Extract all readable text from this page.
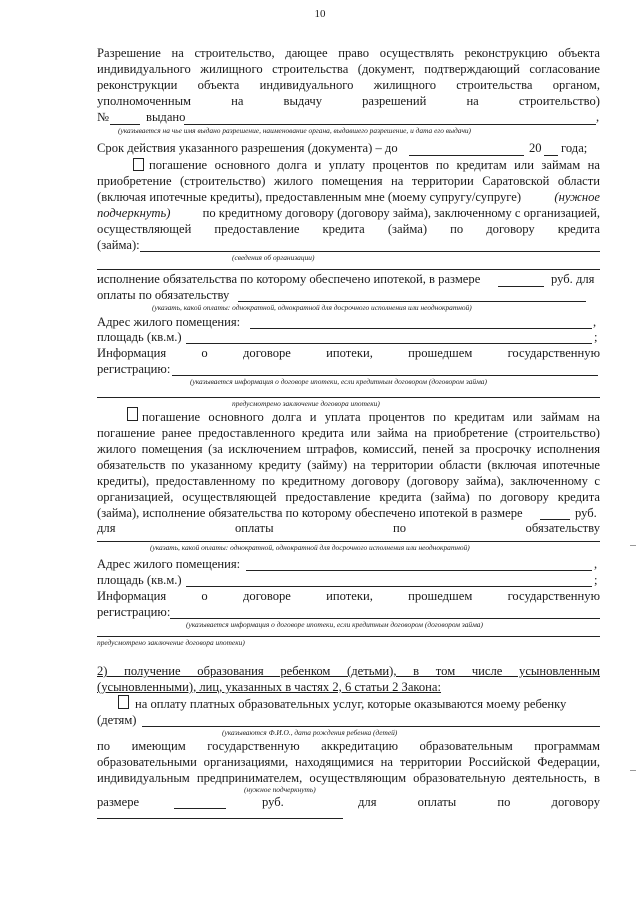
10
Разрешение на строительство, дающее право осуществлять реконструкцию объекта
индивидуального жилищного строительства (документ, подтверждающий согласование
реконструкции объекта индивидуального жилищного строительства органом,
уполномоченным на выдачу разрешений на строительство)
№	выдано	,
(указывается на чье имя выдано разрешение, наименование органа, выдавшего разрешение, и дата его выдачи)
Срок действия указанного разрешения (документа) – до	20 года;
погашение основного долга и уплату процентов по кредитам или займам на
приобретение (строительство) жилого помещения на территории Саратовской области
(включая ипотечные кредиты), предоставленным мне (моему супругу/супруге)	(нужное
подчеркнуть)	по кредитному договору (договору займа), заключенному с организацией,
осуществляющей предоставление кредита (займа) по договору кредита
(займа):
(сведения об организации)
исполнение обязательства по которому обеспечено ипотекой, в размере	руб. для
оплаты по обязательству
(указать, какой оплаты: однократной, однократной для досрочного исполнения или неоднократной)
Адрес жилого помещения:	,
площадь (кв.м.)	;
Информация о договоре ипотеки, прошедшем государственную
регистрацию:
(указывается информация о договоре ипотеки, если кредитным договором (договором займа)
предусмотрено заключение договора ипотеки)
погашение основного долга и уплата процентов по кредитам или займам на
погашение ранее предоставленного кредита или займа на приобретение (строительство)
жилого помещения (за исключением штрафов, комиссий, пеней за просрочку исполнения
обязательств по указанному кредиту (займу) на территории области (включая ипотечные
кредиты), предоставленному по кредитному договору (договору займа), заключенному с
организацией, осуществляющей предоставление кредита (займа) по договору кредита
(займа), исполнение обязательства по которому обеспечено ипотекой в размере	руб.
для оплаты по обязательству
(указать, какой оплаты: однократной, однократной для досрочного исполнения или неоднократной)
Адрес жилого помещения:	,
площадь (кв.м.)	;
Информация о договоре ипотеки, прошедшем государственную
регистрацию:
(указывается информация о договоре ипотеки, если кредитным договором (договором займа)
предусмотрено заключение договора ипотеки)
2) получение образования ребенком (детьми), в том числе усыновленным
(усыновленными), лиц, указанных в частях 2, 6 статьи 2 Закона:
на оплату платных образовательных услуг, которые оказываются моему ребенку
(детям)
(указываются Ф.И.О., дата рождения ребенка (детей)
по имеющим государственную аккредитацию образовательным программам
образовательными организациями, находящимися на территории Российской Федерации,
индивидуальным предпринимателем, осуществляющим образовательную деятельность, в
(нужное подчеркнуть)
размере	руб.	для оплаты по договору
